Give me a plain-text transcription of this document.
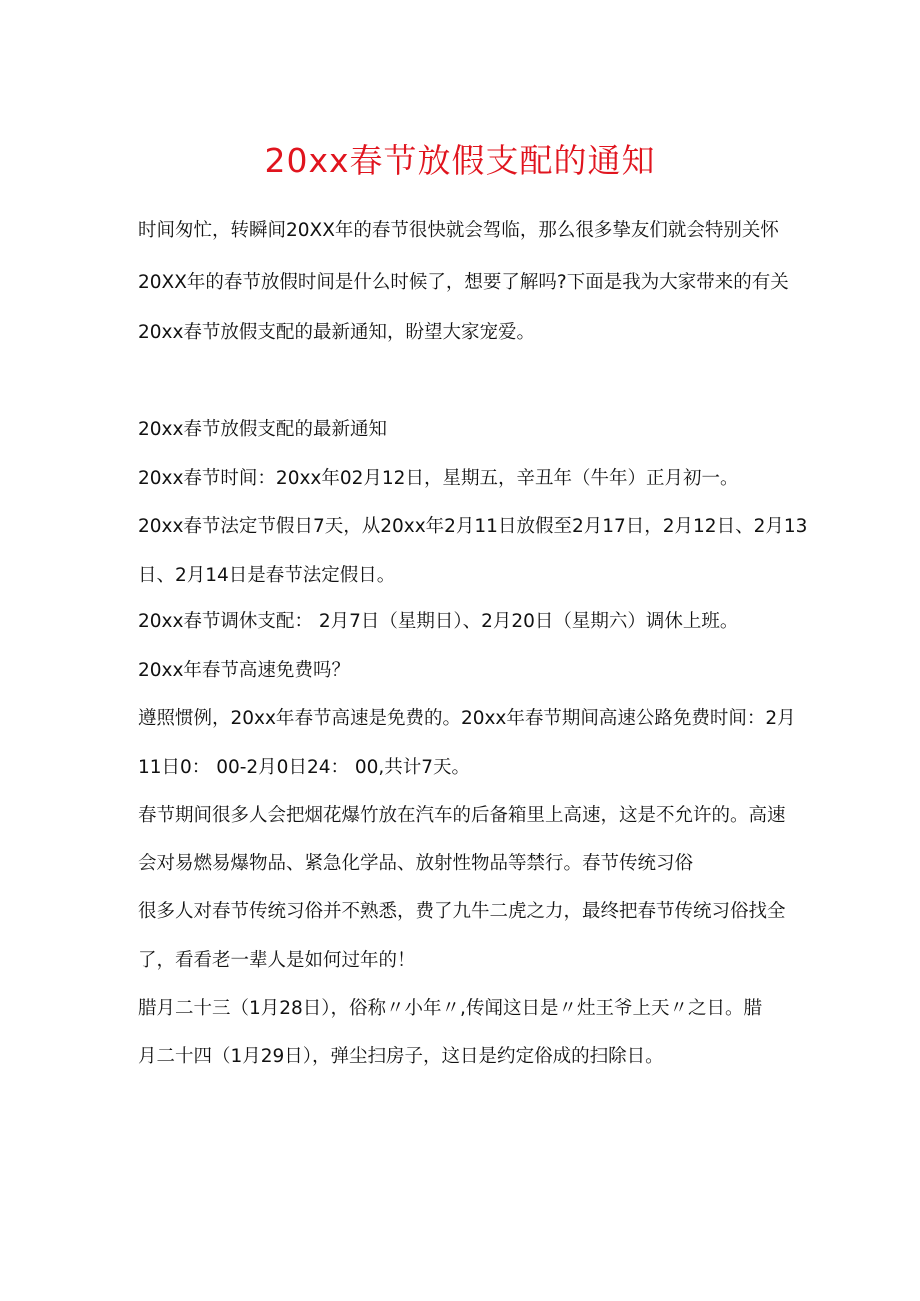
20xx春节放假支配的通知
时间匆忙，转瞬间20XX年的春节很快就会驾临，那么很多挚友们就会特别关怀
20XX年的春节放假时间是什么时候了，想要了解吗?下面是我为大家带来的有关
20xx春节放假支配的最新通知，盼望大家宠爱。
20xx春节放假支配的最新通知
20xx春节时间：20xx年02月12日，星期五，辛丑年（牛年）正月初一。
20xx春节法定节假日7天，从20xx年2月11日放假至2月17日，2月12日、2月13
日、2月14日是春节法定假日。
20xx春节调休支配： 2月7日（星期日）、2月20日（星期六）调休上班。
20xx年春节高速免费吗？
遵照惯例，20xx年春节高速是免费的。20xx年春节期间高速公路免费时间：2月
11日0： 00-2月0日24： 00,共计7天。
春节期间很多人会把烟花爆竹放在汽车的后备箱里上高速，这是不允许的。高速
会对易燃易爆物品、紧急化学品、放射性物品等禁行。春节传统习俗
很多人对春节传统习俗并不熟悉，费了九牛二虎之力，最终把春节传统习俗找全
了，看看老一辈人是如何过年的！
腊月二十三（1月28日），俗称〃小年〃,传闻这日是〃灶王爷上天〃之日。腊
月二十四（1月29日），弹尘扫房子，这日是约定俗成的扫除日。
